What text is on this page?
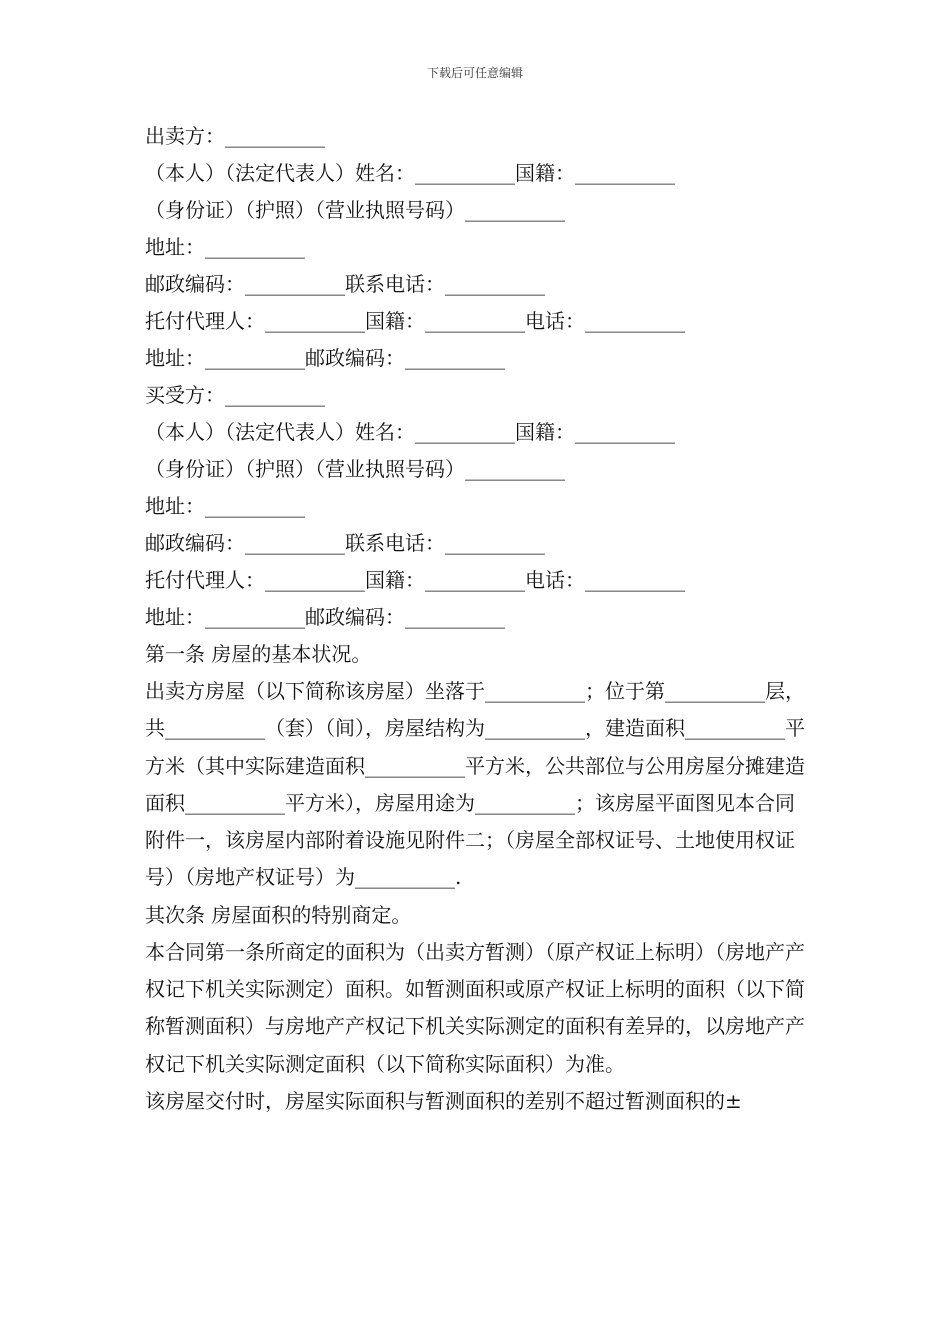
下载后可任意编辑

出卖方：__________

（本人）（法定代表人）姓名：__________国籍：__________

（身份证）（护照）（营业执照号码）__________

地址：__________

邮政编码：__________联系电话：__________

托付代理人：__________国籍：__________电话：__________

地址：__________邮政编码：__________

买受方：__________

（本人）（法定代表人）姓名：__________国籍：__________

（身份证）（护照）（营业执照号码）__________

地址：__________

邮政编码：__________联系电话：__________

托付代理人：__________国籍：__________电话：__________

地址：__________邮政编码：__________

第一条 房屋的基本状况。

出卖方房屋（以下简称该房屋）坐落于__________；位于第__________层，共__________（套）（间），房屋结构为__________，建造面积__________平方米（其中实际建造面积__________平方米，公共部位与公用房屋分摊建造面积__________平方米），房屋用途为__________；该房屋平面图见本合同附件一，该房屋内部附着设施见附件二；（房屋全部权证号、土地使用权证号）（房地产权证号）为__________.

其次条 房屋面积的特别商定。

本合同第一条所商定的面积为（出卖方暂测）（原产权证上标明）（房地产产权记下机关实际测定）面积。如暂测面积或原产权证上标明的面积（以下简称暂测面积）与房地产产权记下机关实际测定的面积有差异的，以房地产产权记下机关实际测定面积（以下简称实际面积）为准。

该房屋交付时，房屋实际面积与暂测面积的差别不超过暂测面积的±
